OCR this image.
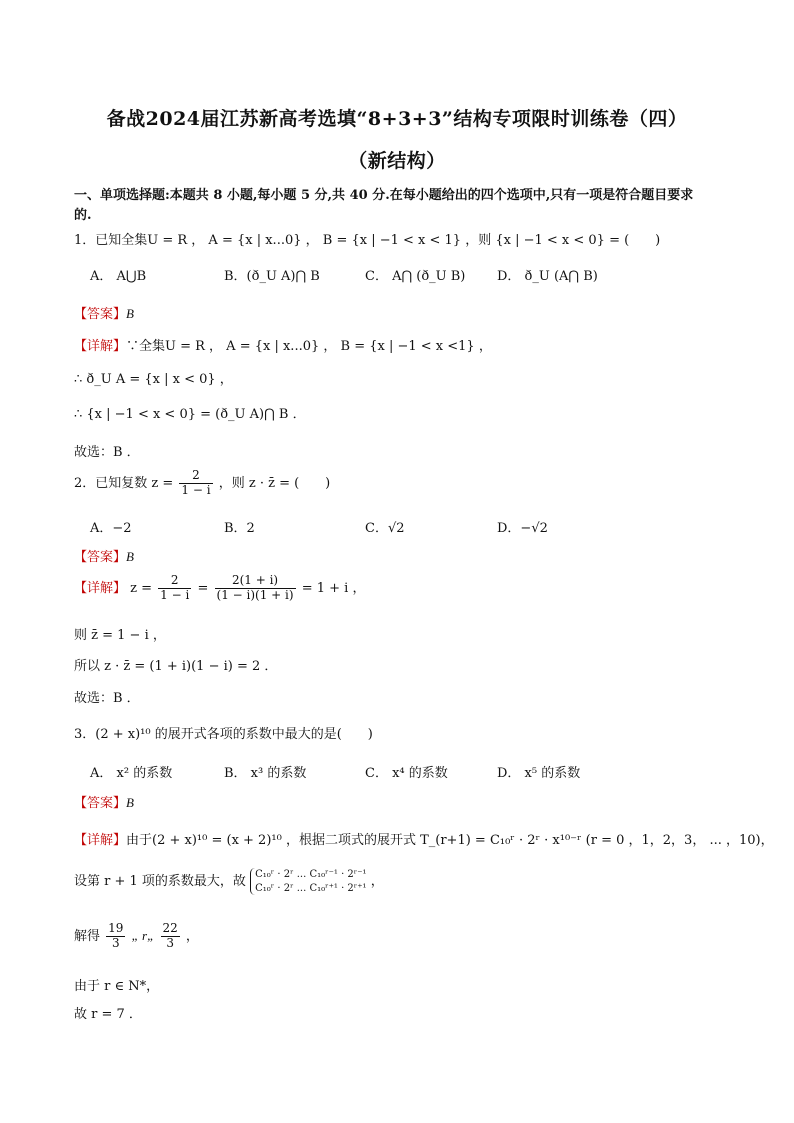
备战2024届江苏新高考选填“8+3+3”结构专项限时训练卷（四）
（新结构）
一、单项选择题:本题共 8 小题,每小题 5 分,共 40 分.在每小题给出的四个选项中,只有一项是符合题目要求
的.
1．已知全集U = R ， A = {x | x...0} ， B = {x | −1 < x < 1} ，则 {x | −1 < x < 0} = (　　)
A． A⋃B	B．(ð_U A)⋂ B	C． A⋂ (ð_U B) D． ð_U (A⋂ B)
【答案】B
【详解】∵全集U = R ， A = {x | x...0} ， B = {x | −1 < x <1} ，
∴ ð_U A = {x | x < 0} ，
∴ {x | −1 < x < 0} = (ð_U A)⋂ B ．
故选：B ．
2．已知复数 $z = \frac{2}{1 - i}$ ，则 z · z̄ = (　　)
A．−2	B．2	C．√2	D．−√2
【答案】B
【详解】 $z = \frac{2}{1 - i} = \frac{2(1 + i)}{(1 - i)(1 + i)} = 1 + i$ ，
则 z̄ = 1 − i ，
所以 z · z̄ = (1 + i)(1 − i) = 2 ．
故选：B ．
3．(2 + x)¹⁰ 的展开式各项的系数中最大的是(　　)
A． x² 的系数	B． x³ 的系数	C． x⁴ 的系数	D． x⁵ 的系数
【答案】B
【详解】由于(2 + x)¹⁰ = (x + 2)¹⁰ ，根据二项式的展开式 T_(r+1) = C₁₀ʳ · 2ʳ · x¹⁰⁻ʳ (r = 0 ，1，2，3， ... ，10)，
设第 r + 1 项的系数最大，故 C₁₀ʳ · 2ʳ ... C₁₀ʳ⁻¹ · 2ʳ⁻¹
C₁₀ʳ · 2ʳ ... C₁₀ʳ⁺¹ · 2ʳ⁺¹ ，
解得 $\frac{19}{3}$ „ r„ $\frac{22}{3}$ ，
由于 r ∈ N*，
故 r = 7 ．
